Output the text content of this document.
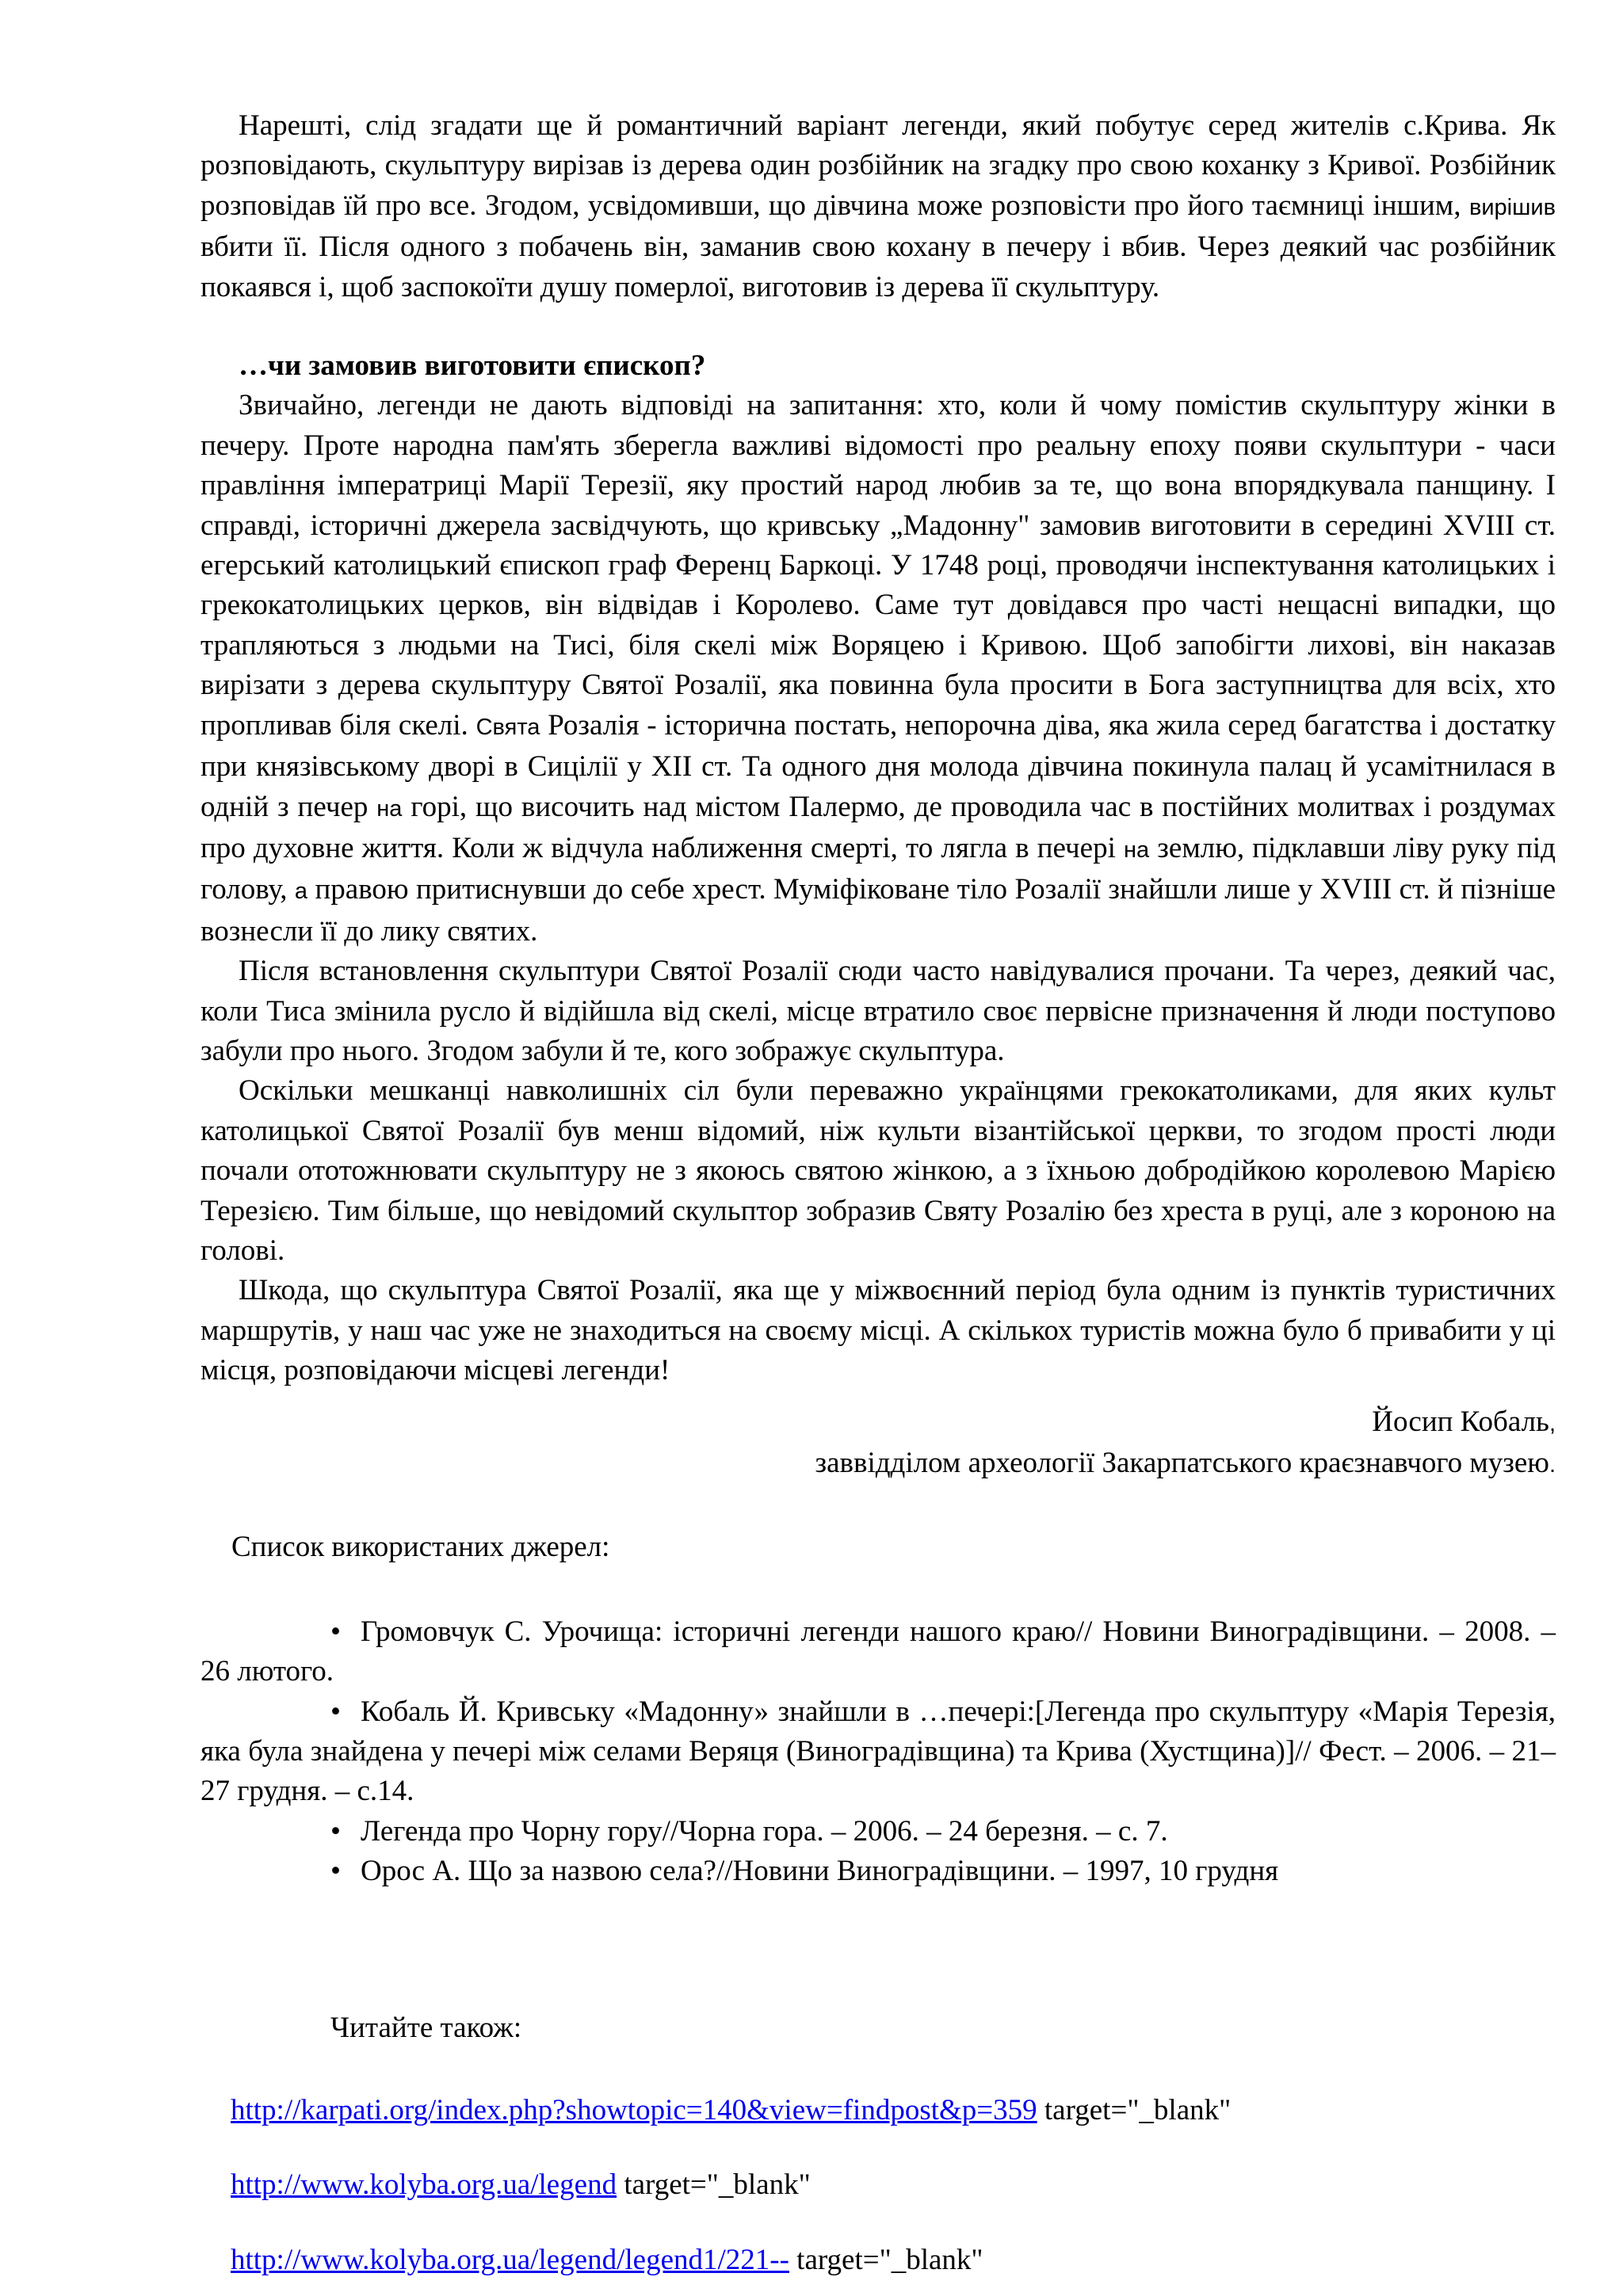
Нарешті, слід згадати ще й романтичний варіант легенди, який побутує серед жителів с.Крива. Як розповідають, скульптуру вирізав із дерева один розбійник на згадку про свою коханку з Кривої. Розбійник розповідав їй про все. Згодом, усвідомивши, що дівчина може розповісти про його таємниці іншим, вирішив вбити її. Після одного з побачень він, заманив свою кохану в печеру і вбив. Через деякий час розбійник покаявся і, щоб заспокоїти душу померлої, виготовив із дерева її скульптуру.

…чи замовив виготовити єпископ?

Звичайно, легенди не дають відповіді на запитання: хто, коли й чому помістив скульптуру жінки в печеру. Проте народна пам'ять зберегла важливі відомості про реальну епоху появи скульптури - часи правління імператриці Марії Терезії, яку простий народ любив за те, що вона впорядкувала панщину. І справді, історичні джерела засвідчують, що кривську „Мадонну" замовив виготовити в середині XVIII ст. егерський католицький єпископ граф Ференц Баркоці. У 1748 році, проводячи інспектування католицьких і грекокатолицьких церков, він відвідав і Королево. Саме тут довідався про часті нещасні випадки, що трапляються з людьми на Тисі, біля скелі між Воряцею і Кривою. Щоб запобігти лихові, він наказав вирізати з дерева скульптуру Святої Розалії, яка повинна була просити в Бога заступництва для всіх, хто пропливав біля скелі. Свята Розалія - історична постать, непорочна діва, яка жила серед багатства і достатку при князівському дворі в Сицілії у XII ст. Та одного дня молода дівчина покинула палац й усамітнилася в одній з печер на горі, що височить над містом Палермо, де проводила час в постійних молитвах і роздумах про духовне життя. Коли ж відчула наближення смерті, то лягла в печері на землю, підклавши ліву руку під голову, а правою притиснувши до себе хрест. Муміфіковане тіло Розалії знайшли лише у XVIII ст. й пізніше вознесли її до лику святих.

Після встановлення скульптури Святої Розалії сюди часто навідувалися прочани. Та через, деякий час, коли Тиса змінила русло й відійшла від скелі, місце втратило своє первісне призначення й люди поступово забули про нього. Згодом забули й те, кого зображує скульптура.

Оскільки мешканці навколишніх сіл були переважно українцями грекокатоликами, для яких культ католицької Святої Розалії був менш відомий, ніж культи візантійської церкви, то згодом прості люди почали ототожнювати скульптуру не з якоюсь святою жінкою, а з їхньою добродійкою королевою Марією Терезією. Тим більше, що невідомий скульптор зобразив Святу Розалію без хреста в руці, але з короною на голові.

Шкода, що скульптура Святої Розалії, яка ще у міжвоєнний період була одним із пунктів туристичних маршрутів, у наш час уже не знаходиться на своєму місці. А скількох туристів можна було б привабити у ці місця, розповідаючи місцеві легенди!

Йосип Кобаль,
заввідділом археології Закарпатського краєзнавчого музею.

Список використаних джерел:

• Громовчук С. Урочища: історичні легенди нашого краю// Новини Виноградівщини. – 2008. – 26 лютого.
• Кобаль Й. Кривську «Мадонну» знайшли в …печері:[Легенда про скульптуру «Марія Терезія, яка була знайдена у печері між селами Веряця (Виноградівщина) та Крива (Хустщина)]// Фест. – 2006. – 21–27 грудня. – с.14.
• Легенда про Чорну гору//Чорна гора. – 2006. – 24 березня. – с. 7.
• Орос А. Що за назвою села?//Новини Виноградівщини. – 1997, 10 грудня

Читайте також:

http://karpati.org/index.php?showtopic=140&view=findpost&p=359 target="_blank"

http://www.kolyba.org.ua/legend target="_blank"

http://www.kolyba.org.ua/legend/legend1/221-- target="_blank"
